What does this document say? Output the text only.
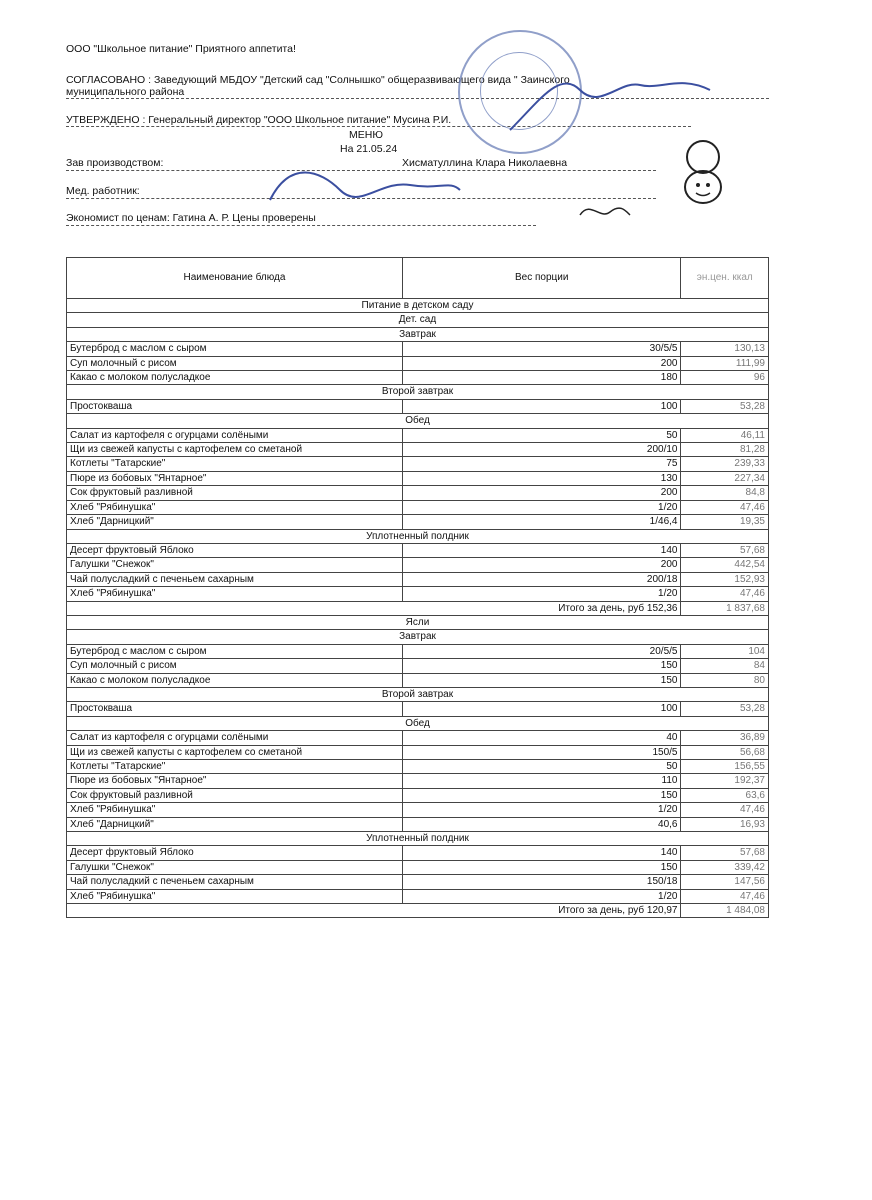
ООО "Школьное питание" Приятного аппетита!
СОГЛАСОВАНО : Заведующий МБДОУ "Детский сад "Солнышко" общеразвивающего вида " Заинского
муниципального района
УТВЕРЖДЕНО : Генеральный директор "ООО Школьное питание" Мусина Р.И.
МЕНЮ
На 21.05.24
Зав производством:	Хисматуллина Клара Николаевна
Мед. работник:
Экономист по ценам: Гатина А. Р. Цены проверены
Наименование блюда	Вес порции	эн.цен. ккал
Питание в детском саду		
Дет. сад		
Завтрак		
Бутерброд с маслом с сыром	30/5/5	130,13
Суп молочный с рисом	200	111,99
Какао с молоком полусладкое	180	96
Второй завтрак		
Простокваша	100	53,28
Обед		
Салат из картофеля с огурцами солёными	50	46,11
Щи из свежей капусты с картофелем со сметаной	200/10	81,28
Котлеты "Татарские"	75	239,33
Пюре из бобовых "Янтарное"	130	227,34
Сок фруктовый разливной	200	84,8
Хлеб "Рябинушка"	1/20	47,46
Хлеб "Дарницкий"	1/46,4	19,35
Уплотненный полдник		
Десерт фруктовый Яблоко	140	57,68
Галушки "Снежок"	200	442,54
Чай полусладкий с печеньем сахарным	200/18	152,93
Хлеб "Рябинушка"	1/20	47,46
	Итого за день, руб 152,36	1 837,68
Ясли		
Завтрак		
Бутерброд с маслом с сыром	20/5/5	104
Суп молочный с рисом	150	84
Какао с молоком полусладкое	150	80
Второй завтрак		
Простокваша	100	53,28
Обед		
Салат из картофеля с огурцами солёными	40	36,89
Щи из свежей капусты с картофелем со сметаной	150/5	56,68
Котлеты "Татарские"	50	156,55
Пюре из бобовых "Янтарное"	110	192,37
Сок фруктовый разливной	150	63,6
Хлеб "Рябинушка"	1/20	47,46
Хлеб "Дарницкий"	40,6	16,93
Уплотненный полдник		
Десерт фруктовый Яблоко	140	57,68
Галушки "Снежок"	150	339,42
Чай полусладкий с печеньем сахарным	150/18	147,56
Хлеб "Рябинушка"	1/20	47,46
	Итого за день, руб 120,97	1 484,08
